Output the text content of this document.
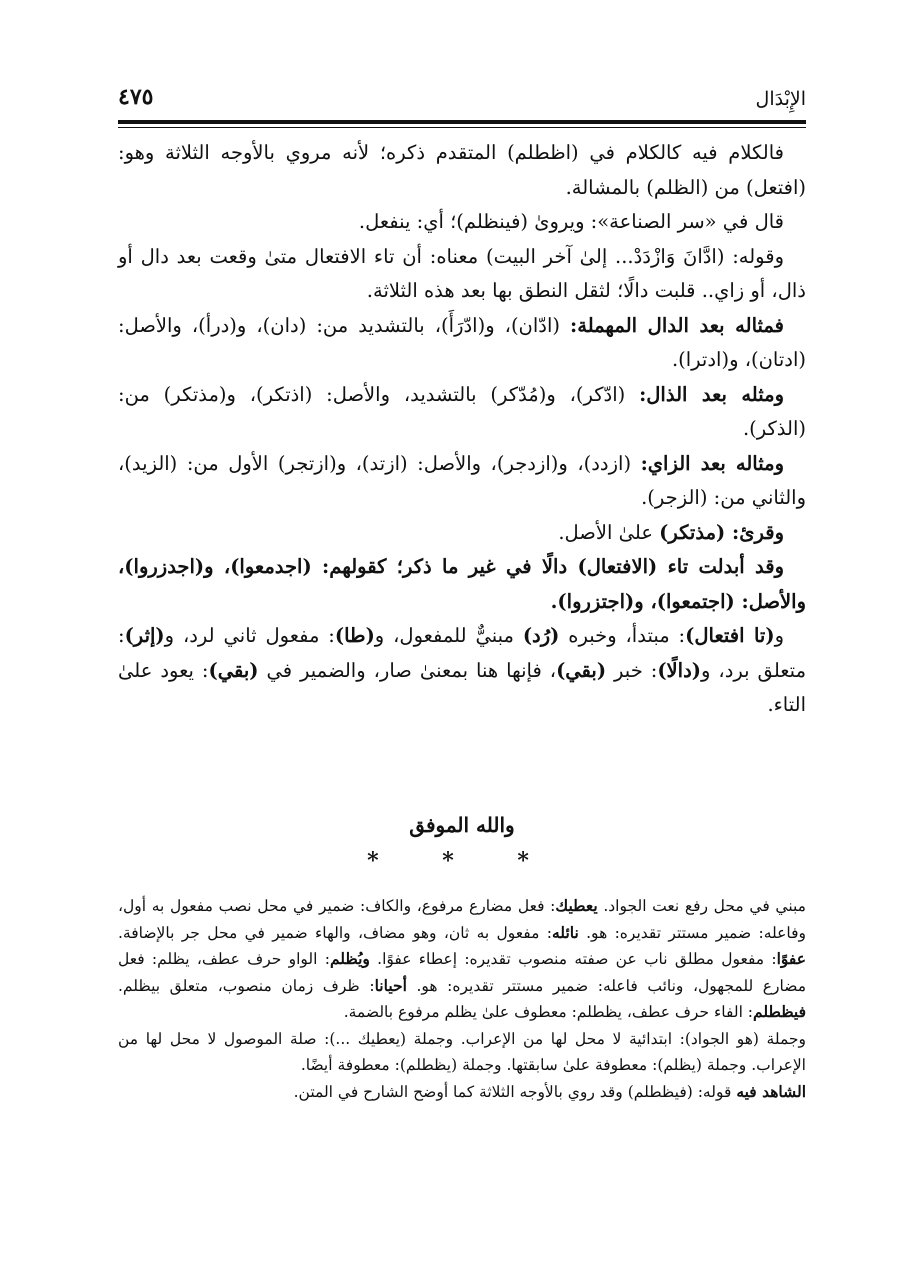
الإِبْدَال
٤٧٥

فالكلام فيه كالكلام في (اظطلم) المتقدم ذكره؛ لأنه مروي بالأوجه الثلاثة وهو: (افتعل) من (الظلم) بالمشالة.

قال في «سر الصناعة»: ويروىٰ (فينظلم)؛ أي: ينفعل.

وقوله: (ادَّانَ وَازْدَدْ... إلىٰ آخر البيت) معناه: أن تاء الافتعال متىٰ وقعت بعد دال أو ذال، أو زاي.. قلبت دالًا؛ لثقل النطق بها بعد هذه الثلاثة.

فمثاله بعد الدال المهملة: (ادّان)، و(ادّرَأَ)، بالتشديد من: (دان)، و(درأ)، والأصل: (ادتان)، و(ادترا).

ومثله بعد الذال: (ادّكر)، و(مُدّكر) بالتشديد، والأصل: (اذتكر)، و(مذتكر) من: (الذكر).

ومثاله بعد الزاي: (ازدد)، و(ازدجر)، والأصل: (ازتد)، و(ازتجر) الأول من: (الزيد)، والثاني من: (الزجر).

وقرئ: (مذتكر) علىٰ الأصل.

وقد أبدلت تاء (الافتعال) دالًا في غير ما ذكر؛ كقولهم: (اجدمعوا)، و(اجدزروا)، والأصل: (اجتمعوا)، و(اجتزروا).

و(تا افتعال): مبتدأ، وخبره (رُد) مبنيٌّ للمفعول، و(طا): مفعول ثاني لرد، و(إثر): متعلق برد، و(دالًا): خبر (بقي)، فإنها هنا بمعنىٰ صار، والضمير في (بقي): يعود علىٰ التاء.

والله الموفق
* * *

مبني في محل رفع نعت الجواد. يعطيك: فعل مضارع مرفوع، والكاف: ضمير في محل نصب مفعول به أول، وفاعله: ضمير مستتر تقديره: هو. نائله: مفعول به ثان، وهو مضاف، والهاء ضمير في محل جر بالإضافة. عفوًا: مفعول مطلق ناب عن صفته منصوب تقديره: إعطاء عفوًا. ويُظلم: الواو حرف عطف، يظلم: فعل مضارع للمجهول، ونائب فاعله: ضمير مستتر تقديره: هو. أحيانا: ظرف زمان منصوب، متعلق بيظلم. فيظطلم: الفاء حرف عطف، يظطلم: معطوف علىٰ يظلم مرفوع بالضمة.

وجملة (هو الجواد): ابتدائية لا محل لها من الإعراب. وجملة (يعطيك ...): صلة الموصول لا محل لها من الإعراب. وجملة (يظلم): معطوفة علىٰ سابقتها. وجملة (يظطلم): معطوفة أيضًا.

الشاهد فيه قوله: (فيظطلم) وقد روي بالأوجه الثلاثة كما أوضح الشارح في المتن.
